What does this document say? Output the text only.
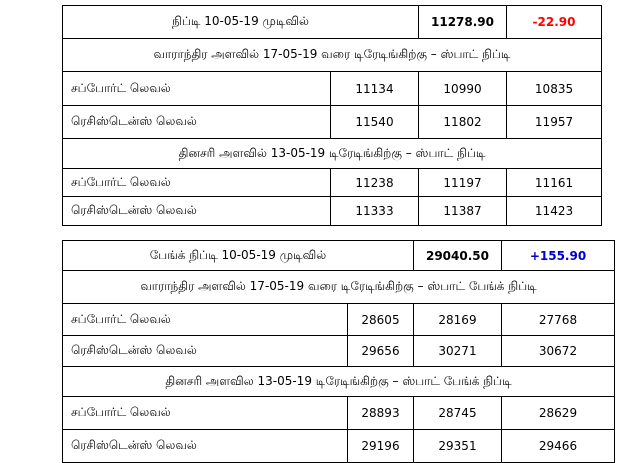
நிப்டி 10-05-19 முடிவில்		11278.90	-22.90
வாராந்திர அளவில் 17-05-19 வரை டிரேடிங்கிற்கு – ஸ்பாட் நிப்டி			
சப்போர்ட் லெவல்	11134	10990	10835
ரெசிஸ்டென்ஸ் லெவல்	11540	11802	11957
தினசரி அளவில் 13-05-19 டிரேடிங்கிற்கு – ஸ்பாட் நிப்டி			
சப்போர்ட் லெவல்	11238	11197	11161
ரெசிஸ்டென்ஸ் லெவல்	11333	11387	11423
பேங்க் நிப்டி 10-05-19 முடிவில்		29040.50	+155.90
வாராந்திர அளவில் 17-05-19 வரை டிரேடிங்கிற்கு – ஸ்பாட் பேங்க் நிப்டி			
சப்போர்ட் லெவல்	28605	28169	27768
ரெசிஸ்டென்ஸ் லெவல்	29656	30271	30672
தினசரி அளவில 13-05-19 டிரேடிங்கிற்கு – ஸ்பாட் பேங்க் நிப்டி			
சப்போர்ட் லெவல்	28893	28745	28629
ரெசிஸ்டென்ஸ் லெவல்	29196	29351	29466
